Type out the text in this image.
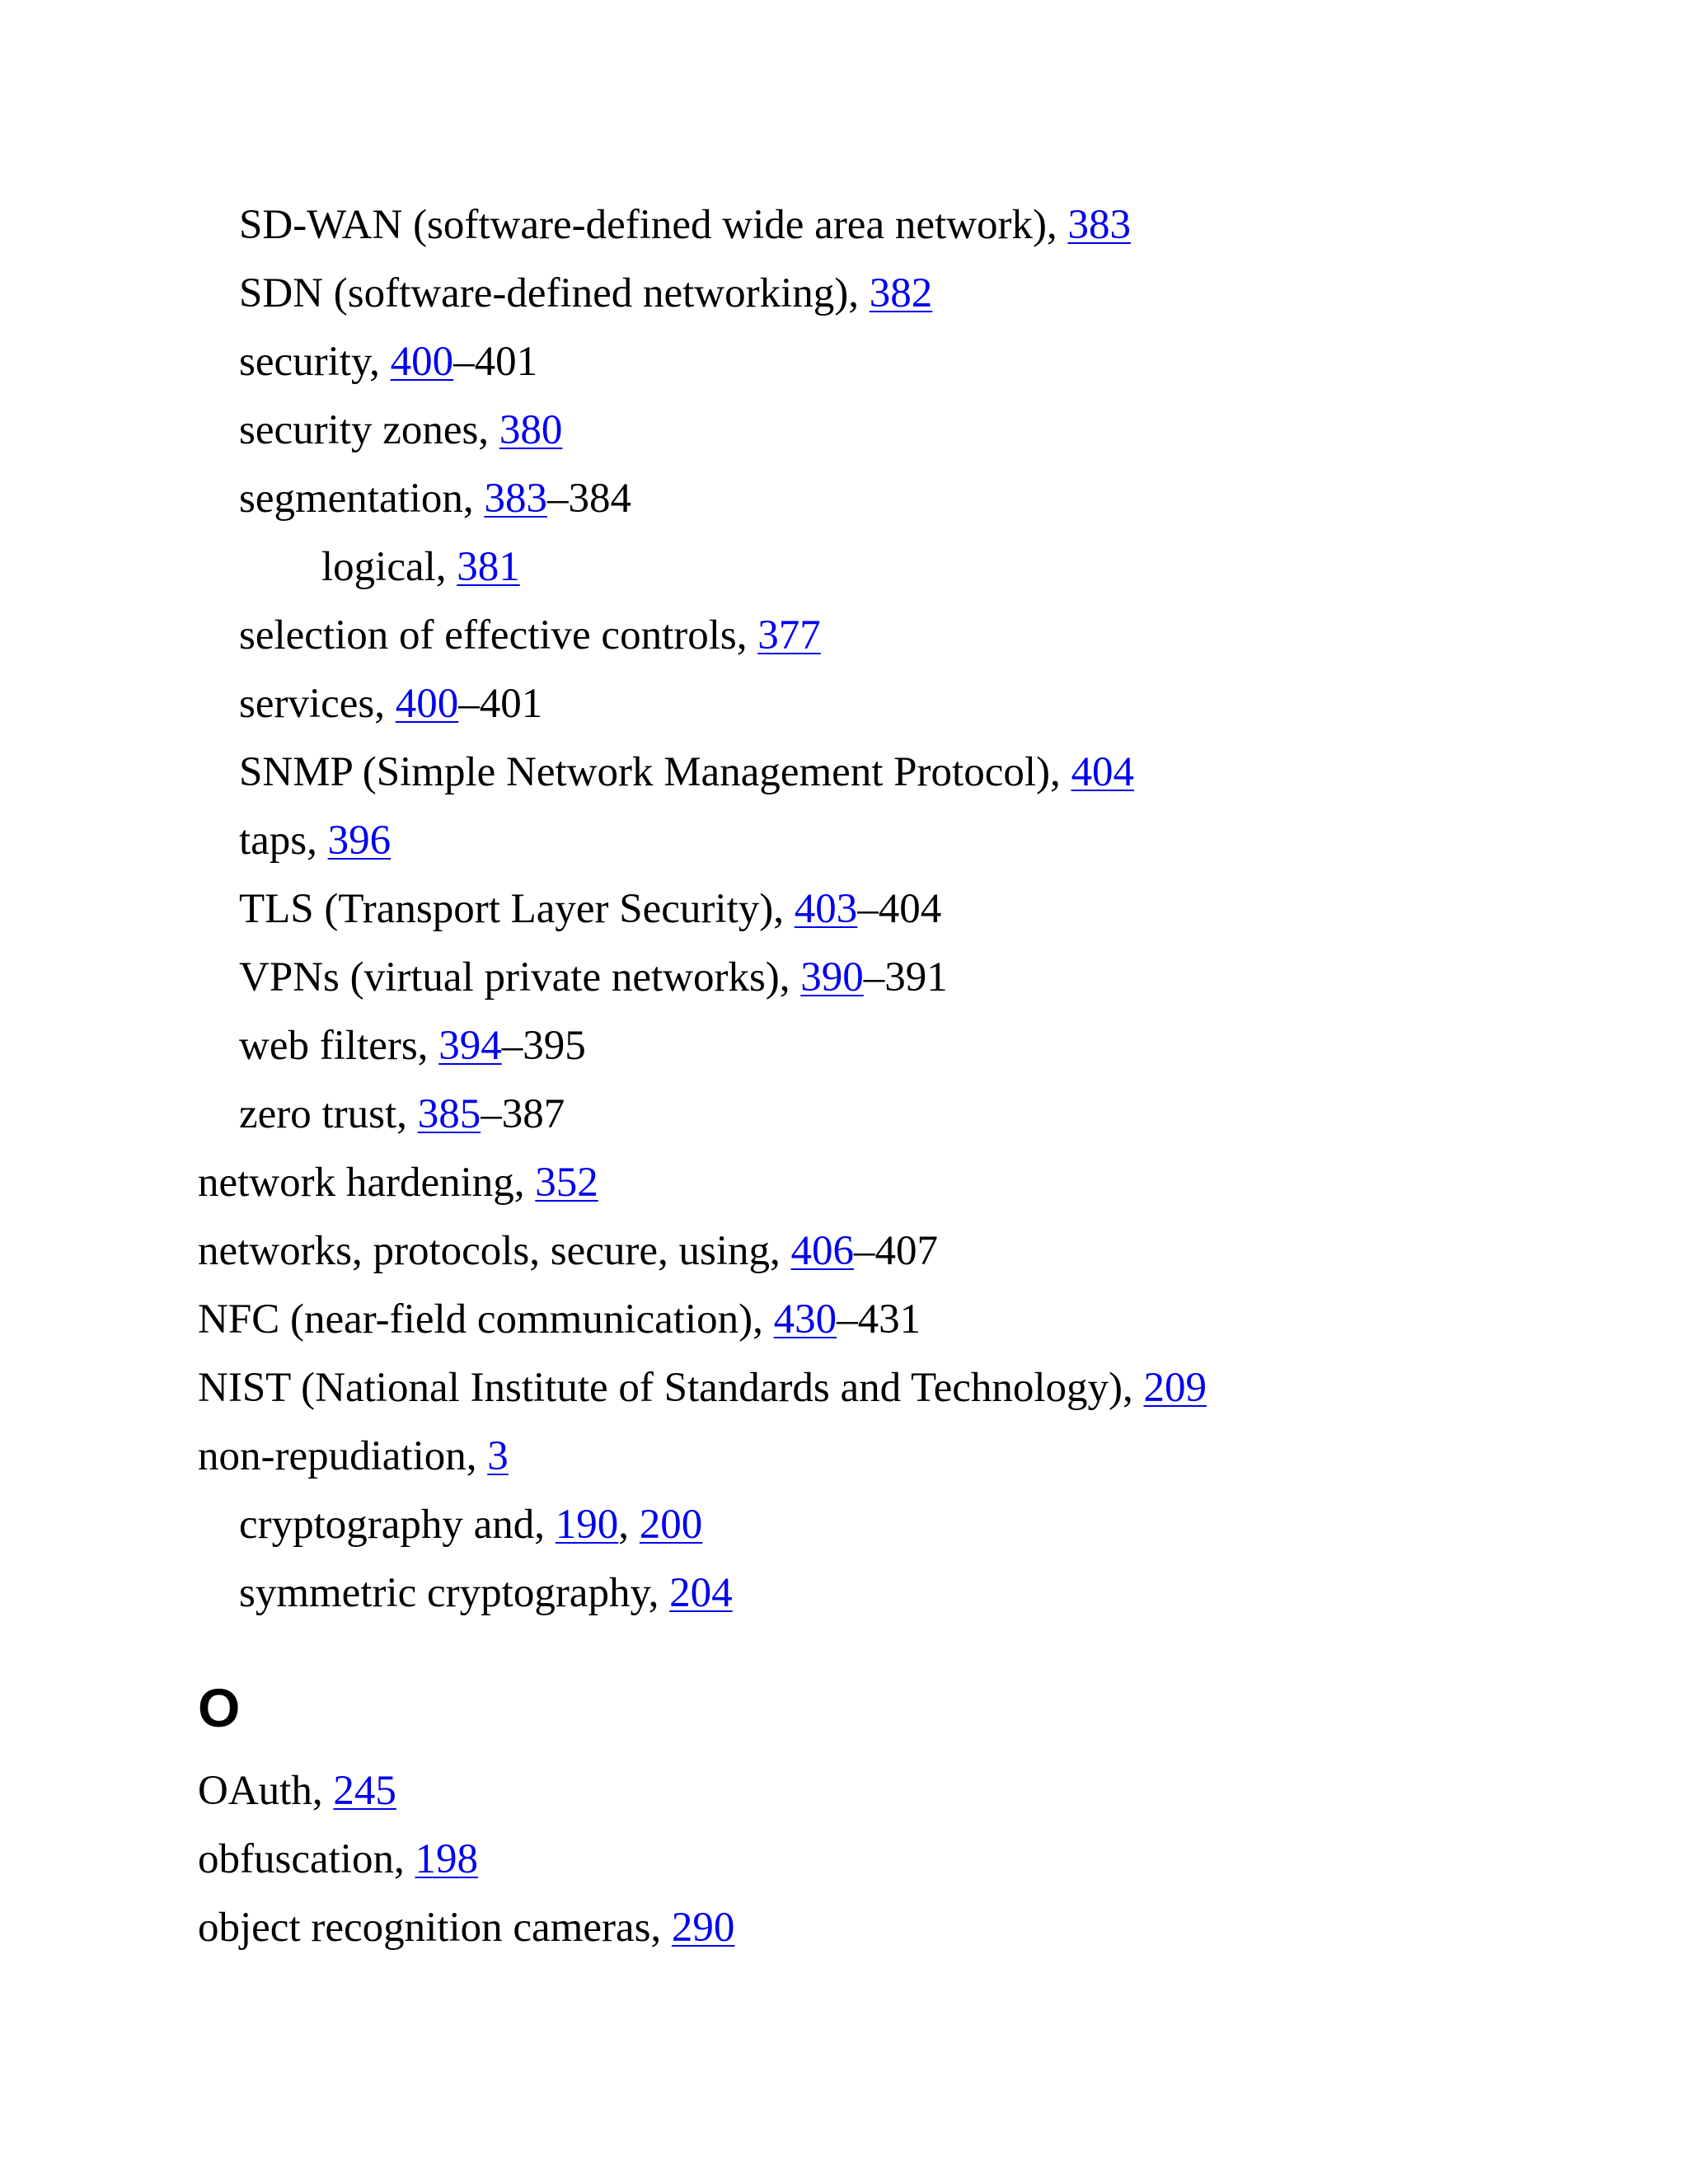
SD-WAN (software-defined wide area network), 383
SDN (software-defined networking), 382
security, 400–401
security zones, 380
segmentation, 383–384
logical, 381
selection of effective controls, 377
services, 400–401
SNMP (Simple Network Management Protocol), 404
taps, 396
TLS (Transport Layer Security), 403–404
VPNs (virtual private networks), 390–391
web filters, 394–395
zero trust, 385–387
network hardening, 352
networks, protocols, secure, using, 406–407
NFC (near-field communication), 430–431
NIST (National Institute of Standards and Technology), 209
non-repudiation, 3
cryptography and, 190, 200
symmetric cryptography, 204
O
OAuth, 245
obfuscation, 198
object recognition cameras, 290
